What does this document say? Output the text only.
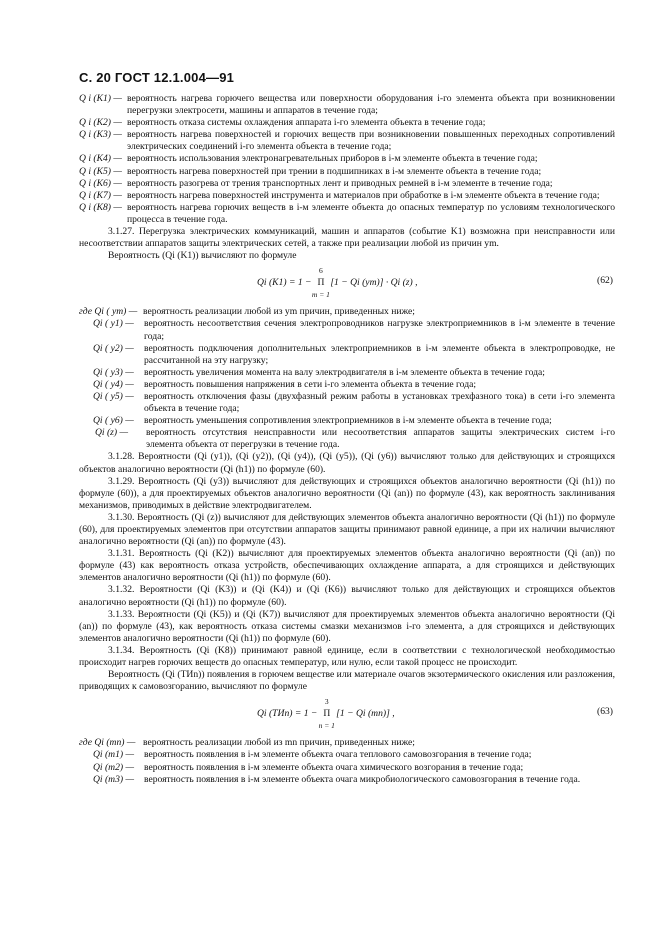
С. 20 ГОСТ 12.1.004—91
Q i (K1) — вероятность нагрева горючего вещества или поверхности оборудования i-го элемента объекта при возникновении перегрузки электросети, машины и аппаратов в течение года;
Q i (K2) — вероятность отказа системы охлаждения аппарата i-го элемента объекта в течение года;
Q i (K3) — вероятность нагрева поверхностей и горючих веществ при возникновении повышенных переходных сопротивлений электрических соединений i-го элемента объекта в течение года;
Q i (K4) — вероятность использования электронагревательных приборов в i-м элементе объекта в течение года;
Q i (K5) — вероятность нагрева поверхностей при трении в подшипниках в i-м элементе объекта в течение года;
Q i (K6) — вероятность разогрева от трения транспортных лент и приводных ремней в i-м элементе в течение года;
Q i (K7) — вероятность нагрева поверхностей инструмента и материалов при обработке в i-м элементе объекта в течение года;
Q i (K8) — вероятность нагрева горючих веществ в i-м элементе объекта до опасных температур по условиям технологического процесса в течение года.

3.1.27. Перегрузка электрических коммуникаций, машин и аппаратов (событие K1) возможна при неисправности или несоответствии аппаратов защиты электрических сетей, а также при реализации любой из причин ym.

Вероятность (Qi (K1)) вычисляют по формуле

Qi (K1) = 1 −
6
Π
m = 1
[1 − Qi (ym)] · Qi (z) ,	(62)
где Qi ( ym) — вероятность реализации любой из ym причин, приведенных ниже;
Qi ( y1) —	вероятность несоответствия сечения электропроводников нагрузке электроприемников в i-м элементе в течение года;
Qi ( y2) —	вероятность подключения дополнительных электроприемников в i-м элементе объекта в электропроводке, не рассчитанной на эту нагрузку;
Qi ( y3) —	вероятность увеличения момента на валу электродвигателя в i-м элементе объекта в течение года;
Qi ( y4) —	вероятность повышения напряжения в сети i-го элемента объекта в течение года;
Qi ( y5) —	вероятность отключения фазы (двухфазный режим работы в установках трехфазного тока) в сети i-го элемента объекта в течение года;
Qi ( y6) —	вероятность уменьшения сопротивления электроприемников в i-м элементе объекта в течение года;
Qi (z) —	вероятность отсутствия неисправности или несоответствия аппаратов защиты электрических систем i-го элемента объекта от перегрузки в течение года.

3.1.28. Вероятности (Qi (y1)), (Qi (y2)), (Qi (y4)), (Qi (y5)), (Qi (y6)) вычисляют только для действующих и строящихся объектов аналогично вероятности (Qi (h1)) по формуле (60).

3.1.29. Вероятность (Qi (y3)) вычисляют для действующих и строящихся объектов аналогично вероятности (Qi (h1)) по формуле (60)), а для проектируемых объектов аналогично вероятности (Qi (an)) по формуле (43), как вероятность заклинивания механизмов, приводимых в действие электродвигателем.

3.1.30. Вероятность (Qi (z)) вычисляют для действующих элементов объекта аналогично вероятности (Qi (h1)) по формуле (60), для проектируемых элементов при отсутствии аппаратов защиты принимают равной единице, а при их наличии вычисляют аналогично вероятности (Qi (an)) по формуле (43).

3.1.31. Вероятность (Qi (K2)) вычисляют для проектируемых элементов объекта аналогично вероятности (Qi (an)) по формуле (43) как вероятность отказа устройств, обеспечивающих охлаждение аппарата, а для строящихся и действующих элементов аналогично вероятности (Qi (h1)) по формуле (60).

3.1.32. Вероятности (Qi (K3)) и (Qi (K4)) и (Qi (K6)) вычисляют только для действующих и строящихся объектов аналогично вероятности (Qi (h1)) по формуле (60).

3.1.33. Вероятности (Qi (K5)) и (Qi (K7)) вычисляют для проектируемых элементов объекта аналогично вероятности (Qi (an)) по формуле (43), как вероятность отказа системы смазки механизмов i-го элемента, а для строящихся и действующих элементов аналогично вероятности (Qi (h1)) по формуле (60).

3.1.34. Вероятность (Qi (K8)) принимают равной единице, если в соответствии с технологической необходимостью происходит нагрев горючих веществ до опасных температур, или нулю, если такой процесс не происходит.

Вероятность (Qi (ТИn)) появления в горючем веществе или материале очагов экзотермического окисления или разложения, приводящих к самовозгоранию, вычисляют по формуле

Qi (ТИn) = 1 −
3
Π
n = 1
[1 − Qi (mn)] ,	(63)
где Qi (mn) — вероятность реализации любой из mn причин, приведенных ниже;
Qi (m1) —	вероятность появления в i-м элементе объекта очага теплового самовозгорания в течение года;
Qi (m2) —	вероятность появления в i-м элементе объекта очага химического возгорания в течение года;
Qi (m3) —	вероятность появления в i-м элементе объекта очага микробиологического самовозгорания в течение года.
